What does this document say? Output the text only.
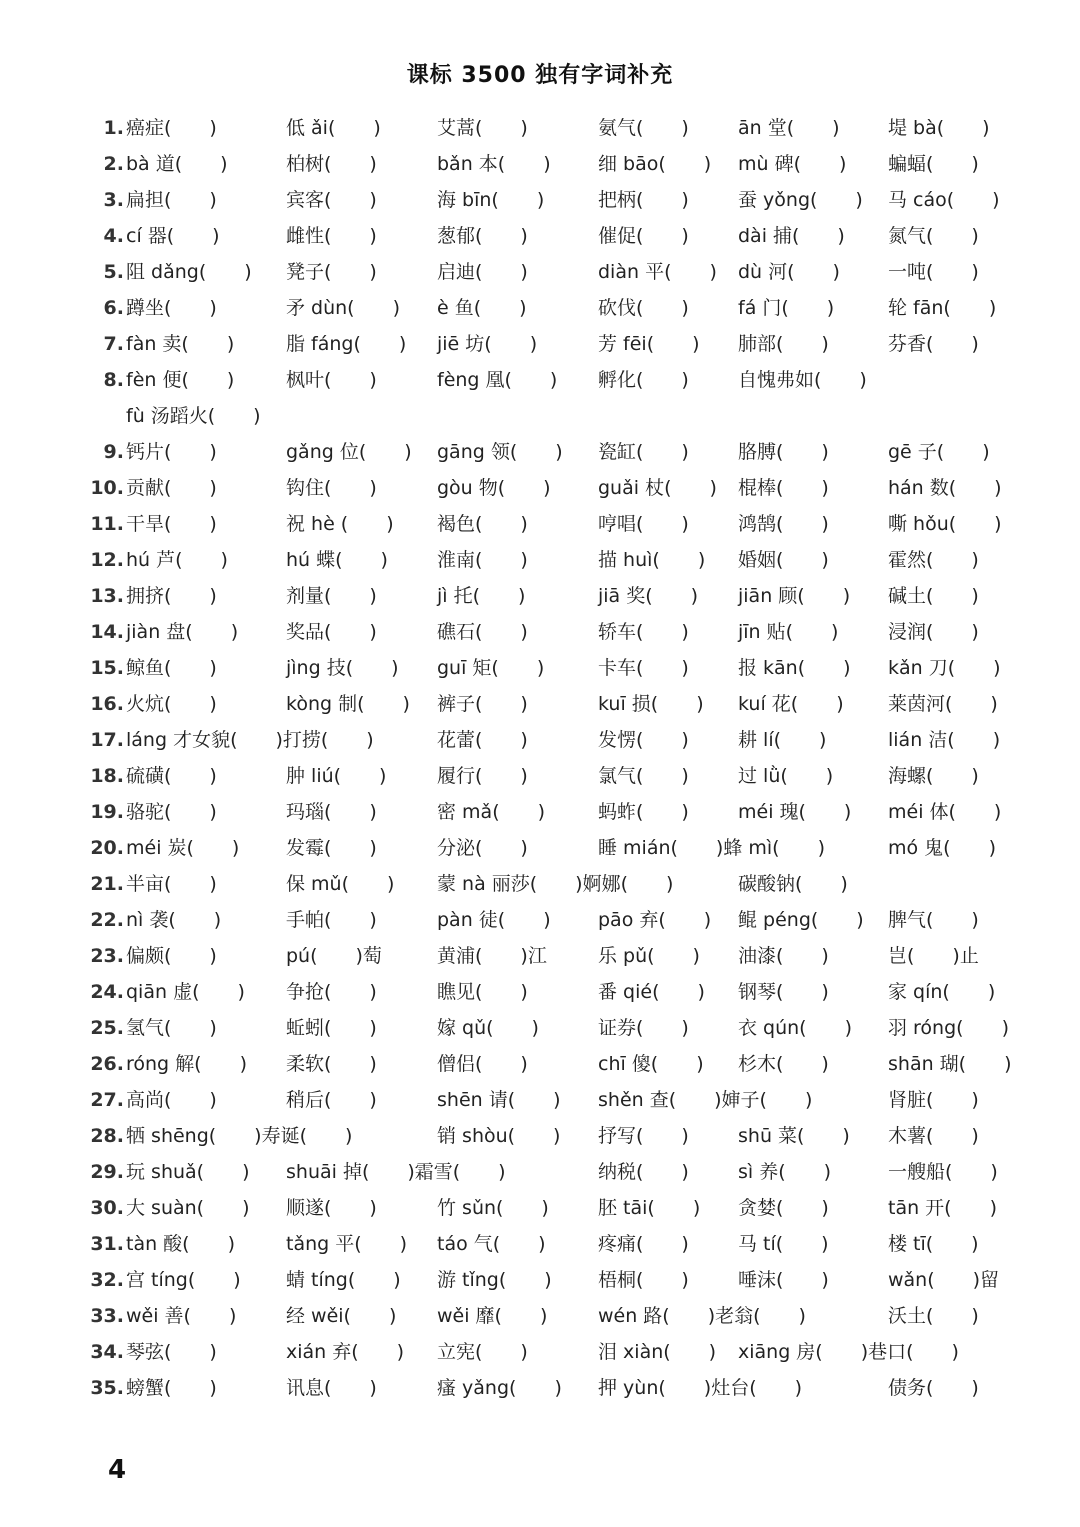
课标 3500 独有字词补充
1. 癌症(　　)	低 ǎi(　　)	艾蒿(　　)	氨气(　　)	ān 堂(　　)	堤 bà(　　)
2. bà 道(　　)	柏树(　　)	bǎn 本(　　) 细 bāo(　　) mù 碑(　　) 蝙蝠(　　)
3. 扁担(　　)	宾客(　　)	海 bīn(　　)	把柄(　　)	蚕 yǒng(　　) 马 cáo(　　)
4. cí 器(　　)	雌性(　　)	葱郁(　　)	催促(　　)	dài 捕(　　) 氮气(　　)
5. 阻 dǎng(　　) 凳子(　　)	启迪(　　)	diàn 平(　　) dù 河(　　)	一吨(　　)
6. 蹲坐(　　)	矛 dùn(　　) è 鱼(　　)	砍伐(　　)	fá 门(　　)	轮 fān(　　)
7. fàn 卖(　　)	脂 fáng(　　) jiē 坊(　　)	芳 fēi(　　) 肺部(　　)	芬香(　　)
8. fèn 便(　　)	枫叶(　　)	fèng 凰(　　) 孵化(　　)	自愧弗如(　　)
fù 汤蹈火(　　)
9. 钙片(　　)	gǎng 位(　　) gāng 领(　　) 瓷缸(　　)	胳膊(　　)	gē 子(　　)
10. 贡献(　　)	钩住(　　)	gòu 物(　　) guǎi 杖(　　) 棍棒(　　)	hán 数(　　)
11. 干旱(　　)	祝 hè (　　) 褐色(　　)	哼唱(　　)	鸿鹄(　　)	嘶 hǒu(　　)
12. hú 芦(　　)	hú 蝶(　　)	淮南(　　)	描 huì(　　) 婚姻(　　)	霍然(　　)
13. 拥挤(　　)	剂量(　　)	jì 托(　　)	jiā 奖(　　) jiān 顾(　　) 碱土(　　)
14. jiàn 盘(　　)	奖品(　　)	礁石(　　)	轿车(　　)	jīn 贴(　　)	浸润(　　)
15. 鲸鱼(　　)	jìng 技(　　) guī 矩(　　)	卡车(　　)	报 kān(　　) kǎn 刀(　　)
16. 火炕(　　)	kòng 制(　　) 裤子(　　)	kuī 损(　　) kuí 花(　　) 莱茵河(　　)
17. láng 才女貌(　　)打捞(　　)	花蕾(　　)	发愣(　　)	耕 lí(　　)	lián 洁(　　)
18. 硫磺(　　)	肿 liú(　　)	履行(　　)	氯气(　　)	过 lǜ(　　)	海螺(　　)
19. 骆驼(　　)	玛瑙(　　)	密 mǎ(　　)	蚂蚱(　　)	méi 瑰(　　) méi 体(　　)
20. méi 炭(　　) 发霉(　　)	分泌(　　)	睡 mián(　　)蜂 mì(　　)	mó 鬼(　　)
21. 半亩(　　)	保 mǔ(　　) 蒙 nà 丽莎(　　)婀娜(　　)	碳酸钠(　　)
22. nì 袭(　　)	手帕(　　)	pàn 徒(　　) pāo 弃(　　) 鲲 péng(　　) 脾气(　　)
23. 偏颇(　　)	pú(　　)萄	黄浦(　　)江	乐 pǔ(　　) 油漆(　　)	岂(　　)止
24. qiān 虚(　　) 争抢(　　)	瞧见(　　)	番 qié(　　) 钢琴(　　)	家 qín(　　)
25. 氢气(　　)	蚯蚓(　　)	嫁 qǔ(　　)	证券(　　)	衣 qún(　　) 羽 róng(　　)
26. róng 解(　　) 柔软(　　)	僧侣(　　)	chī 傻(　　) 杉木(　　)	shān 瑚(　　)
27. 高尚(　　)	稍后(　　)	shēn 请(　　) shěn 查(　　)婶子(　　)	肾脏(　　)
28. 牺 shēng(　　)寿诞(　　)	销 shòu(　　) 抒写(　　)	shū 菜(　　) 木薯(　　)
29. 玩 shuǎ(　　) shuāi 掉(　　)霜雪(　　)	纳税(　　)	sì 养(　　)	一艘船(　　)
30. 大 suàn(　　) 顺遂(　　)	竹 sǔn(　　)	胚 tāi(　　) 贪婪(　　)	tān 开(　　)
31. tàn 酸(　　)	tǎng 平(　　) táo 气(　　)	疼痛(　　)	马 tí(　　)	楼 tī(　　)
32. 宫 tíng(　　) 蜻 tíng(　　) 游 tǐng(　　) 梧桐(　　)	唾沫(　　)	wǎn(　　)留
33. wěi 善(　　)	经 wěi(　　) wěi 靡(　　)	wén 路(　　)老翁(　　)	沃土(　　)
34. 琴弦(　　)	xián 弃(　　) 立宪(　　)	泪 xiàn(　　) xiāng 房(　　)巷口(　　)
35. 螃蟹(　　)	讯息(　　)	瘙 yǎng(　　) 押 yùn(　　)灶台(　　)	债务(　　)
4
